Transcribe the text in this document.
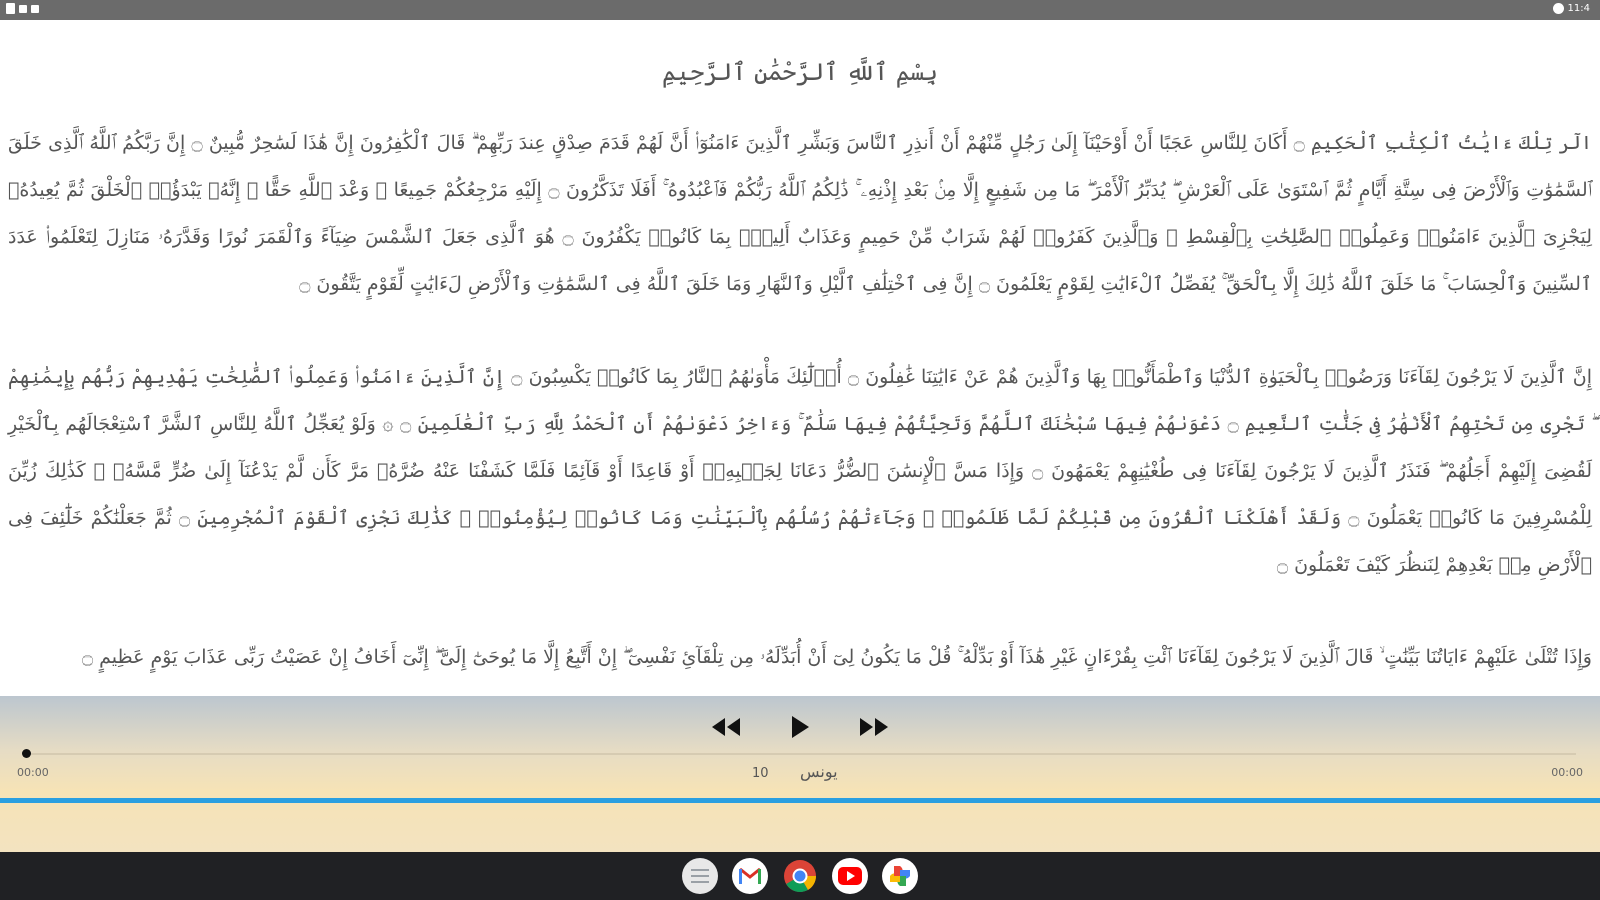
11:4
بِسْمِ ٱللَّهِ ٱلرَّحْمَٰنِ ٱلرَّحِيمِ
الٓر تِلْكَ ءَايَٰتُ ٱلْكِتَٰبِ ٱلْحَكِيمِ ۝ أَكَانَ لِلنَّاسِ عَجَبًا أَنْ أَوْحَيْنَآ إِلَىٰ رَجُلٍ مِّنْهُمْ أَنْ أَنذِرِ ٱلنَّاسَ وَبَشِّرِ ٱلَّذِينَ ءَامَنُوٓا۟ أَنَّ لَهُمْ قَدَمَ صِدْقٍ عِندَ رَبِّهِمْ ۗ قَالَ ٱلْكَٰفِرُونَ إِنَّ هَٰذَا لَسَٰحِرٌ مُّبِينٌ ۝ إِنَّ رَبَّكُمُ ٱللَّهُ ٱلَّذِى خَلَقَ ٱلسَّمَٰوَٰتِ وَٱلْأَرْضَ فِى سِتَّةِ أَيَّامٍ ثُمَّ ٱسْتَوَىٰ عَلَى ٱلْعَرْشِ ۖ يُدَبِّرُ ٱلْأَمْرَ ۖ مَا مِن شَفِيعٍ إِلَّا مِنۢ بَعْدِ إِذْنِهِۦ ۚ ذَٰلِكُمُ ٱللَّهُ رَبُّكُمْ فَٱعْبُدُوهُ ۚ أَفَلَا تَذَكَّرُونَ ۝ إِلَيْهِ مَرْجِعُكُمْ جَمِيعًا ۖ وَعْدَ ٱللَّهِ حَقًّا ۚ إِنَّهُۥ يَبْدَؤُا۟ ٱلْخَلْقَ ثُمَّ يُعِيدُهُۥ لِيَجْزِىَ ٱلَّذِينَ ءَامَنُوا۟ وَعَمِلُوا۟ ٱلصَّٰلِحَٰتِ بِٱلْقِسْطِ ۚ وَٱلَّذِينَ كَفَرُوا۟ لَهُمْ شَرَابٌ مِّنْ حَمِيمٍ وَعَذَابٌ أَلِيمٌۢ بِمَا كَانُوا۟ يَكْفُرُونَ ۝ هُوَ ٱلَّذِى جَعَلَ ٱلشَّمْسَ ضِيَآءً وَٱلْقَمَرَ نُورًا وَقَدَّرَهُۥ مَنَازِلَ لِتَعْلَمُوا۟ عَدَدَ ٱلسِّنِينَ وَٱلْحِسَابَ ۚ مَا خَلَقَ ٱللَّهُ ذَٰلِكَ إِلَّا بِٱلْحَقِّ ۚ يُفَصِّلُ ٱلْءَايَٰتِ لِقَوْمٍ يَعْلَمُونَ ۝ إِنَّ فِى ٱخْتِلَٰفِ ٱلَّيْلِ وَٱلنَّهَارِ وَمَا خَلَقَ ٱللَّهُ فِى ٱلسَّمَٰوَٰتِ وَٱلْأَرْضِ لَءَايَٰتٍ لِّقَوْمٍ يَتَّقُونَ ۝
إِنَّ ٱلَّذِينَ لَا يَرْجُونَ لِقَآءَنَا وَرَضُوا۟ بِٱلْحَيَوٰةِ ٱلدُّنْيَا وَٱطْمَأَنُّوا۟ بِهَا وَٱلَّذِينَ هُمْ عَنْ ءَايَٰتِنَا غَٰفِلُونَ ۝ أُو۟لَٰٓئِكَ مَأْوَىٰهُمُ ٱلنَّارُ بِمَا كَانُوا۟ يَكْسِبُونَ ۝ إِنَّ ٱلَّذِينَ ءَامَنُوا۟ وَعَمِلُوا۟ ٱلصَّٰلِحَٰتِ يَهْدِيهِمْ رَبُّهُم بِإِيمَٰنِهِمْ ۖ تَجْرِى مِن تَحْتِهِمُ ٱلْأَنْهَٰرُ فِى جَنَّٰتِ ٱلنَّعِيمِ ۝ دَعْوَىٰهُمْ فِيهَا سُبْحَٰنَكَ ٱللَّهُمَّ وَتَحِيَّتُهُمْ فِيهَا سَلَٰمٌ ۚ وَءَاخِرُ دَعْوَىٰهُمْ أَنِ ٱلْحَمْدُ لِلَّهِ رَبِّ ٱلْعَٰلَمِينَ ۝ ۞ وَلَوْ يُعَجِّلُ ٱللَّهُ لِلنَّاسِ ٱلشَّرَّ ٱسْتِعْجَالَهُم بِٱلْخَيْرِ لَقُضِىَ إِلَيْهِمْ أَجَلُهُمْ ۖ فَنَذَرُ ٱلَّذِينَ لَا يَرْجُونَ لِقَآءَنَا فِى طُغْيَٰنِهِمْ يَعْمَهُونَ ۝ وَإِذَا مَسَّ ٱلْإِنسَٰنَ ٱلضُّرُّ دَعَانَا لِجَنۢبِهِۦٓ أَوْ قَاعِدًا أَوْ قَآئِمًا فَلَمَّا كَشَفْنَا عَنْهُ ضُرَّهُۥ مَرَّ كَأَن لَّمْ يَدْعُنَآ إِلَىٰ ضُرٍّ مَّسَّهُۥ ۚ كَذَٰلِكَ زُيِّنَ لِلْمُسْرِفِينَ مَا كَانُوا۟ يَعْمَلُونَ ۝ وَلَقَدْ أَهْلَكْنَا ٱلْقُرُونَ مِن قَبْلِكُمْ لَمَّا ظَلَمُوا۟ ۙ وَجَآءَتْهُمْ رُسُلُهُم بِٱلْبَيِّنَٰتِ وَمَا كَانُوا۟ لِيُؤْمِنُوا۟ ۚ كَذَٰلِكَ نَجْزِى ٱلْقَوْمَ ٱلْمُجْرِمِينَ ۝ ثُمَّ جَعَلْنَٰكُمْ خَلَٰٓئِفَ فِى ٱلْأَرْضِ مِنۢ بَعْدِهِمْ لِنَنظُرَ كَيْفَ تَعْمَلُونَ ۝
وَإِذَا تُتْلَىٰ عَلَيْهِمْ ءَايَاتُنَا بَيِّنَٰتٍ ۙ قَالَ ٱلَّذِينَ لَا يَرْجُونَ لِقَآءَنَا ٱئْتِ بِقُرْءَانٍ غَيْرِ هَٰذَآ أَوْ بَدِّلْهُ ۚ قُلْ مَا يَكُونُ لِىٓ أَنْ أُبَدِّلَهُۥ مِن تِلْقَآئِ نَفْسِىٓ ۖ إِنْ أَتَّبِعُ إِلَّا مَا يُوحَىٰٓ إِلَىَّ ۖ إِنِّىٓ أَخَافُ إِنْ عَصَيْتُ رَبِّى عَذَابَ يَوْمٍ عَظِيمٍ ۝
00:00	10 يونس	00:00
